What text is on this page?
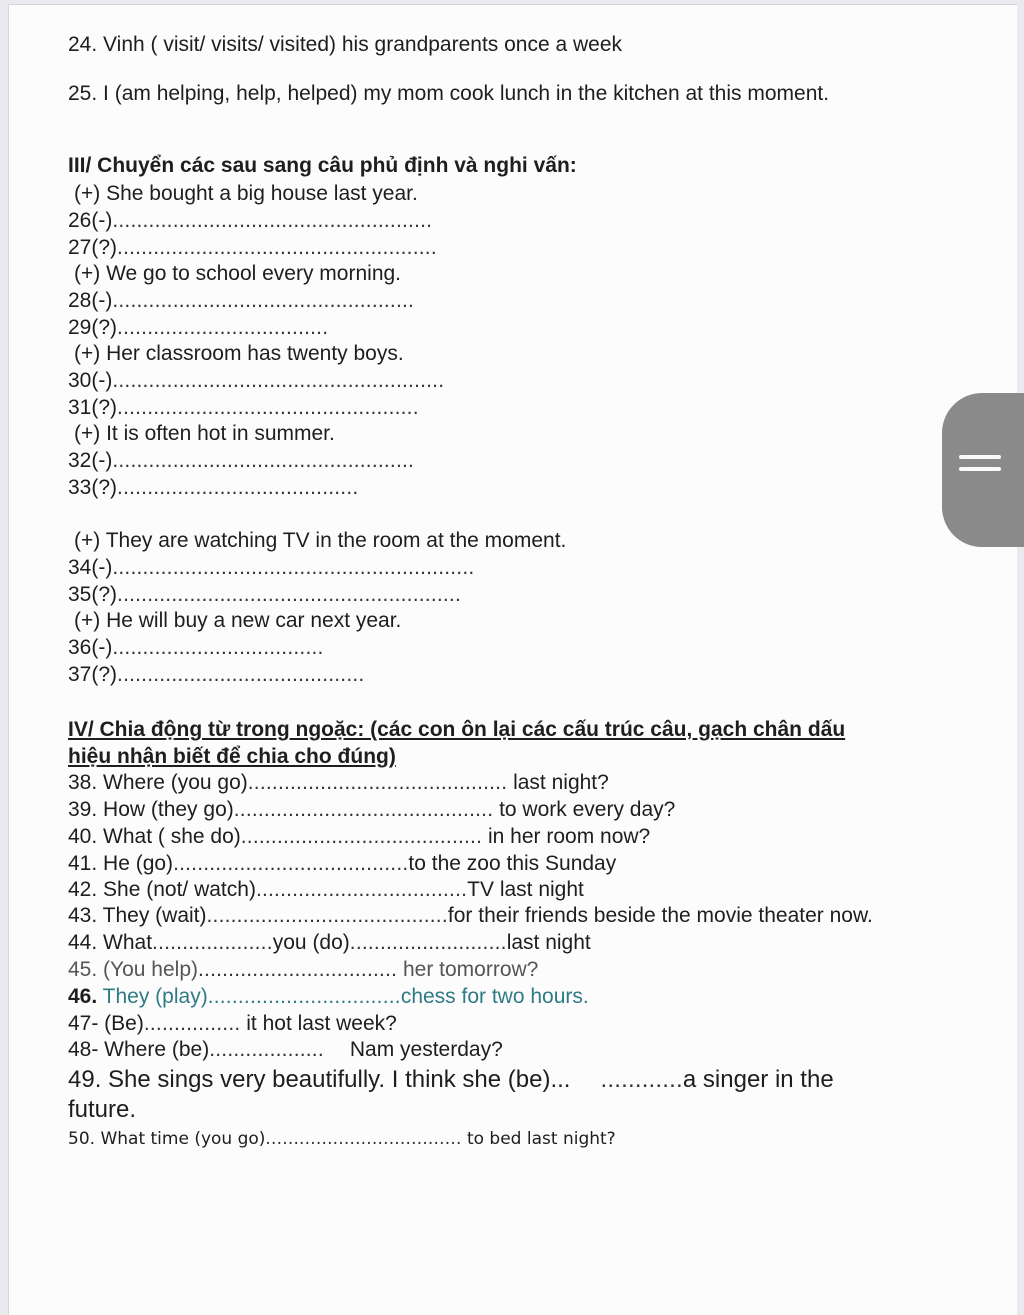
24. Vinh ( visit/ visits/ visited) his grandparents once a week
25. I (am helping, help, helped) my mom cook lunch in the kitchen at this moment.
III/ Chuyển các sau sang câu phủ định và nghi vấn:
(+) She bought a big house last year.
26(-).....................................................
27(?).....................................................
(+) We go to school every morning.
28(-)..................................................
29(?)...................................
(+) Her classroom has twenty boys.
30(-).......................................................
31(?)..................................................
(+) It is often hot in summer.
32(-)..................................................
33(?)........................................
(+) They are watching TV in the room at the moment.
34(-)............................................................
35(?).........................................................
(+) He will buy a new car next year.
36(-)...................................
37(?).........................................
IV/ Chia động từ trong ngoặc: (các con ôn lại các cấu trúc câu, gạch chân dấu
hiệu nhận biết để chia cho đúng)
38. Where (you go)........................................... last night?
39. How (they go)........................................... to work every day?
40. What ( she do)........................................ in her room now?
41. He (go).......................................to the zoo this Sunday
42. She (not/ watch)...................................TV last night
43. They (wait)........................................for their friends beside the movie theater now.
44. What....................you (do)..........................last night
45. (You help)................................. her tomorrow?
46. They (play)................................chess for two hours.
47- (Be)................ it hot last week?
48- Where (be)................... Nam yesterday?
49. She sings very beautifully. I think she (be)... ............a singer in the
future.
50. What time (you go)................................... to bed last night?
